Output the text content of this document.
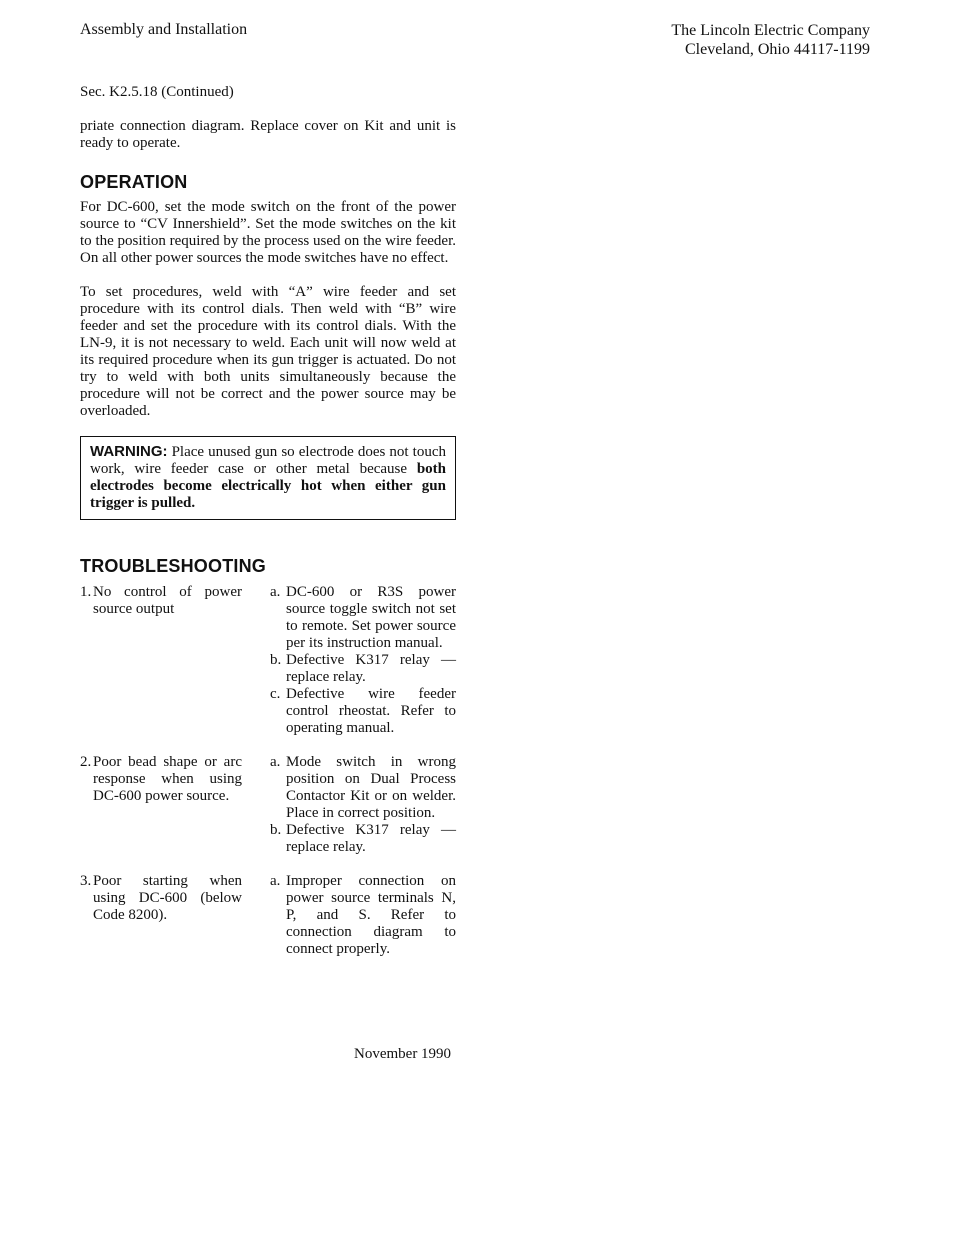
Assembly and Installation	The Lincoln Electric Company
Cleveland, Ohio 44117-1199
Sec. K2.5.18 (Continued)

priate connection diagram. Replace cover on Kit and unit is ready to operate.

OPERATION

For DC-600, set the mode switch on the front of the power source to “CV Innershield”. Set the mode switches on the kit to the position required by the process used on the wire feeder. On all other power sources the mode switches have no effect.

To set procedures, weld with “A” wire feeder and set procedure with its control dials. Then weld with “B” wire feeder and set the procedure with its control dials. With the LN-9, it is not necessary to weld. Each unit will now weld at its required procedure when its gun trigger is actuated. Do not try to weld with both units simultaneously because the procedure will not be correct and the power source may be overloaded.

WARNING: Place unused gun so electrode does not touch work, wire feeder case or other metal because both electrodes become electrically hot when either gun trigger is pulled.
TROUBLESHOOTING
1. No control of power source output
a. DC-600 or R3S power source toggle switch not set to remote. Set power source per its instruction manual.
b. Defective K317 relay — replace relay.
c. Defective wire feeder control rheostat. Refer to operating manual.
2. Poor bead shape or arc response when using DC-600 power source.
a. Mode switch in wrong position on Dual Process Contactor Kit or on welder. Place in correct position.
b. Defective K317 relay — replace relay.
3. Poor starting when using DC-600 (below Code 8200).
a. Improper connection on power source terminals N, P, and S. Refer to connection diagram to connect properly.
November 1990
